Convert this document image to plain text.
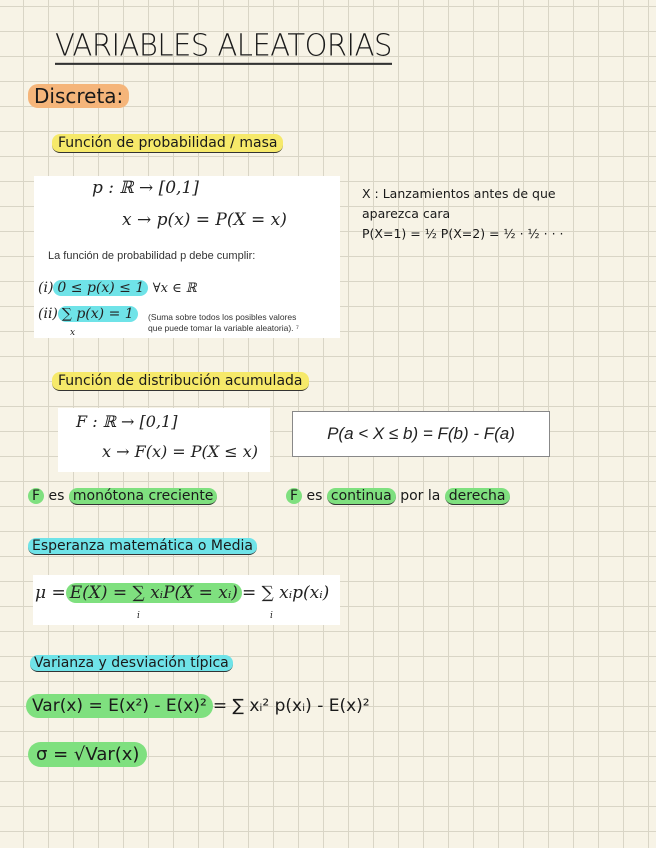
VARIABLES ALEATORIAS
Discreta:
Función de probabilidad / masa
p : ℝ → [0,1]
x → p(x) = P(X = x)
La función de probabilidad p debe cumplir:
(i) 0 ≤ p(x) ≤ 1 ∀x ∈ ℝ
(ii) ∑ p(x) = 1
x
(Suma sobre todos los posibles valores
que puede tomar la variable aleatoria). ⁷
X : Lanzamientos antes de que
aparezca cara
P(X=1) = ½ P(X=2) = ½ · ½ · · ·
Función de distribución acumulada
F : ℝ → [0,1]
x → F(x) = P(X ≤ x)
P(a < X ≤ b) = F(b) - F(a)
F es monótona creciente	F es continua por la derecha
Esperanza matemática o Media
μ = E(X) = ∑ xᵢP(X = xᵢ) = ∑ xᵢp(xᵢ)
i	i
Varianza y desviación típica
Var(x) = E(x²) - E(x)² = ∑ xᵢ² p(xᵢ) - E(x)²
σ = √Var(x)
